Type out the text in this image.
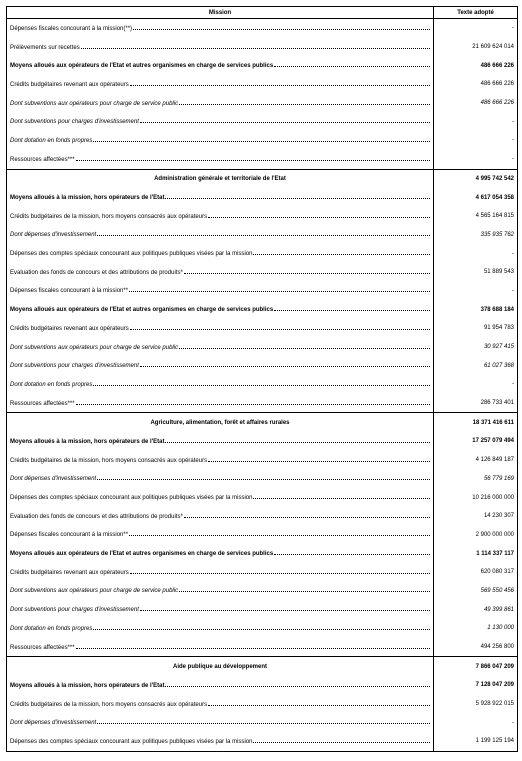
Mission	Texte adopté

Dépenses fiscales concourant à la mission(**)	-

Prélèvements sur recettes	21 609 624 014

Moyens alloués aux opérateurs de l'Etat et autres organismes en charge de services publics	486 666 226

Crédits budgétaires revenant aux opérateurs	486 666 226

Dont subventions aux opérateurs pour charge de service public	486 666 226

Dont subventions pour charges d'investissement	-

Dont dotation en fonds propres	-

Ressources affectées***	-
Administration générale et territoriale de l'Etat	4 995 742 542

Moyens alloués à la mission, hors opérateurs de l'Etat	4 617 054 358

Crédits budgétaires de la mission, hors moyens consacrés aux opérateurs	4 565 164 815

Dont dépenses d'investissement	335 935 762

Dépenses des comptes spéciaux concourant aux politiques publiques visées par la mission	-

Evaluation des fonds de concours et des attributions de produits*	51 889 543

Dépenses fiscales concourant à la mission**	-

Moyens alloués aux opérateurs de l'Etat et autres organismes en charge de services publics	378 688 184

Crédits budgétaires revenant aux opérateurs	91 954 783

Dont subventions aux opérateurs pour charge de service public	30 927 415

Dont subventions pour charges d'investissement	61 027 368

Dont dotation en fonds propres	-

Ressources affectées***	286 733 401
Agriculture, alimentation, forêt et affaires rurales	18 371 416 611

Moyens alloués à la mission, hors opérateurs de l'Etat	17 257 079 494

Crédits budgétaires de la mission, hors moyens consacrés aux opérateurs	4 126 849 187

Dont dépenses d'investissement	56 779 169

Dépenses des comptes spéciaux concourant aux politiques publiques visées par la mission	10 216 000 000

Evaluation des fonds de concours et des attributions de produits*	14 230 307

Dépenses fiscales concourant à la mission**	2 900 000 000

Moyens alloués aux opérateurs de l'Etat et autres organismes en charge de services publics	1 114 337 117

Crédits budgétaires revenant aux opérateurs	620 080 317

Dont subventions aux opérateurs pour charge de service public	569 550 456

Dont subventions pour charges d'investissement	49 399 861

Dont dotation en fonds propres	1 130 000

Ressources affectées***	494 256 800
Aide publique au développement	7 866 047 209

Moyens alloués à la mission, hors opérateurs de l'Etat	7 128 047 209

Crédits budgétaires de la mission, hors moyens consacrés aux opérateurs	5 928 922 015

Dont dépenses d'investissement	-

Dépenses des comptes spéciaux concourant aux politiques publiques visées par la mission	1 199 125 194
